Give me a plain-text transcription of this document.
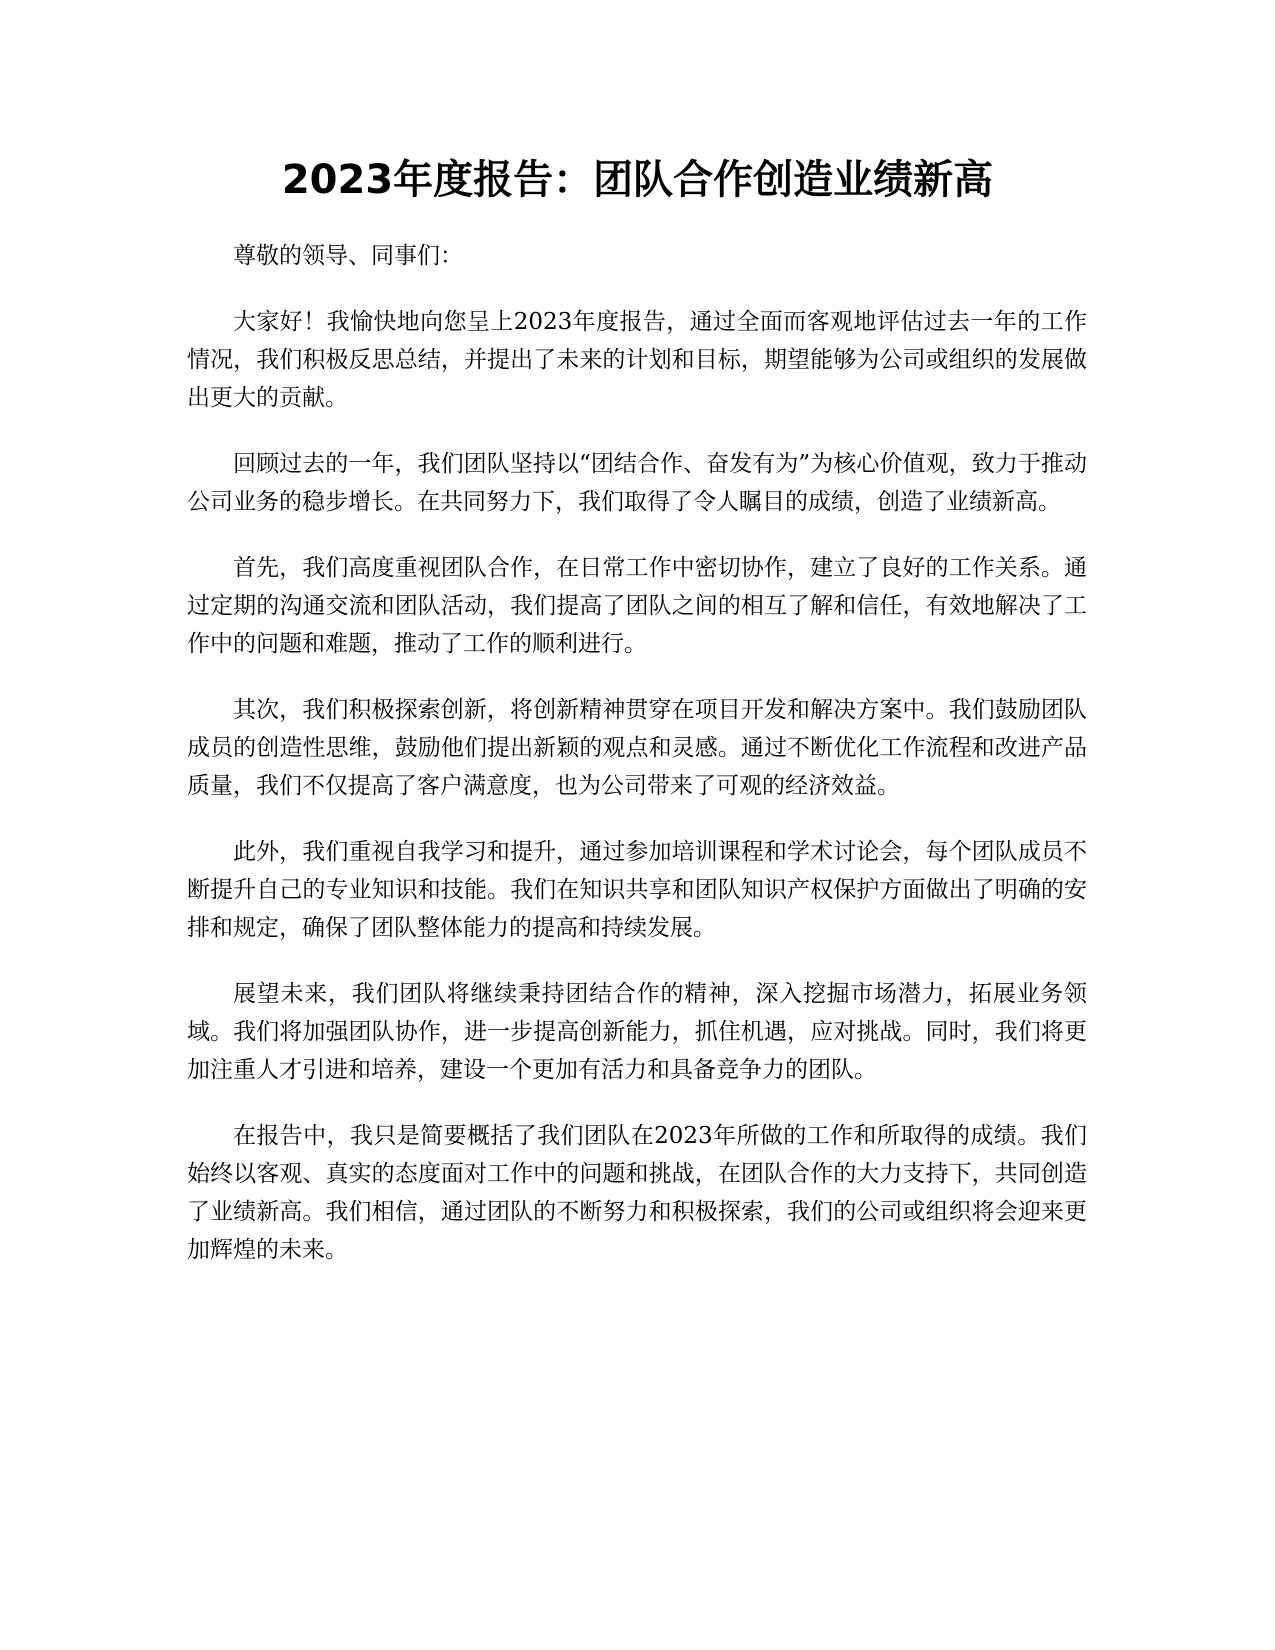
2023年度报告：团队合作创造业绩新高

尊敬的领导、同事们：

大家好！我愉快地向您呈上2023年度报告，通过全面而客观地评估过去一年的工作情况，我们积极反思总结，并提出了未来的计划和目标，期望能够为公司或组织的发展做出更大的贡献。

回顾过去的一年，我们团队坚持以“团结合作、奋发有为”为核心价值观，致力于推动公司业务的稳步增长。在共同努力下，我们取得了令人瞩目的成绩，创造了业绩新高。

首先，我们高度重视团队合作，在日常工作中密切协作，建立了良好的工作关系。通过定期的沟通交流和团队活动，我们提高了团队之间的相互了解和信任，有效地解决了工作中的问题和难题，推动了工作的顺利进行。

其次，我们积极探索创新，将创新精神贯穿在项目开发和解决方案中。我们鼓励团队成员的创造性思维，鼓励他们提出新颖的观点和灵感。通过不断优化工作流程和改进产品质量，我们不仅提高了客户满意度，也为公司带来了可观的经济效益。

此外，我们重视自我学习和提升，通过参加培训课程和学术讨论会，每个团队成员不断提升自己的专业知识和技能。我们在知识共享和团队知识产权保护方面做出了明确的安排和规定，确保了团队整体能力的提高和持续发展。

展望未来，我们团队将继续秉持团结合作的精神，深入挖掘市场潜力，拓展业务领域。我们将加强团队协作，进一步提高创新能力，抓住机遇，应对挑战。同时，我们将更加注重人才引进和培养，建设一个更加有活力和具备竞争力的团队。

在报告中，我只是简要概括了我们团队在2023年所做的工作和所取得的成绩。我们始终以客观、真实的态度面对工作中的问题和挑战，在团队合作的大力支持下，共同创造了业绩新高。我们相信，通过团队的不断努力和积极探索，我们的公司或组织将会迎来更加辉煌的未来。
